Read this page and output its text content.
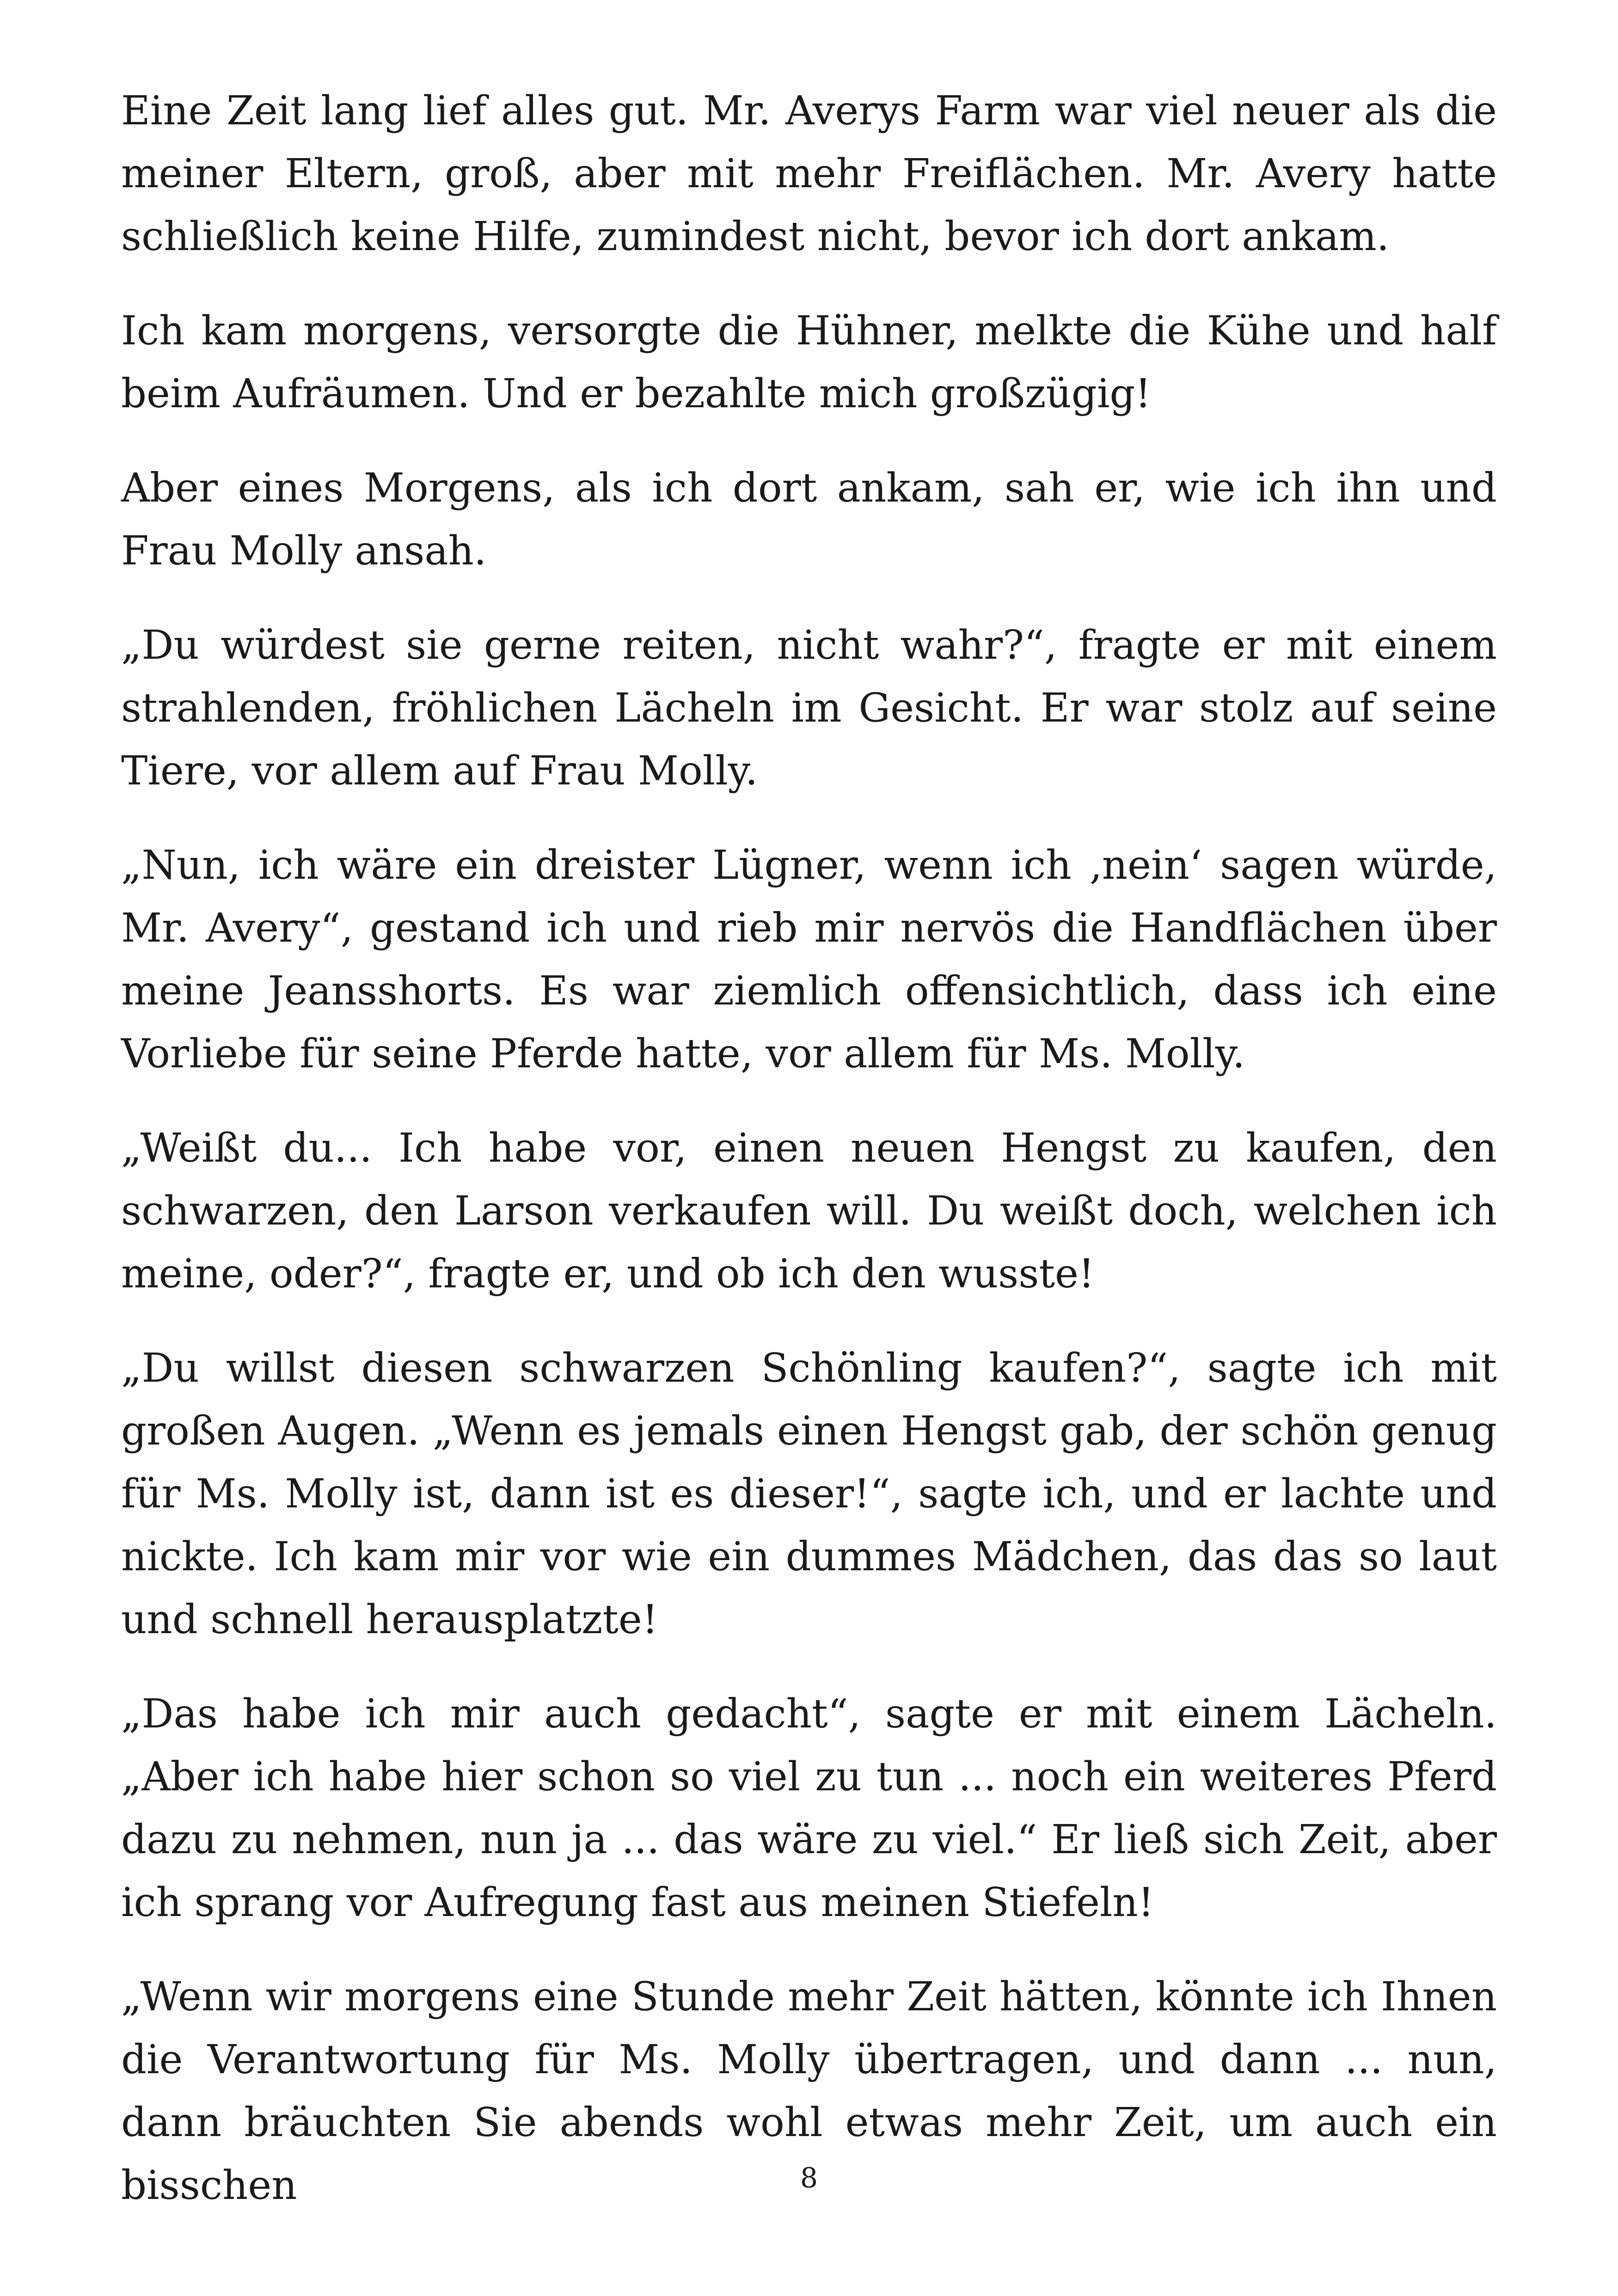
Eine Zeit lang lief alles gut. Mr. Averys Farm war viel neuer als die meiner Eltern, groß, aber mit mehr Freiflächen. Mr. Avery hatte schließlich keine Hilfe, zumindest nicht, bevor ich dort ankam.

Ich kam morgens, versorgte die Hühner, melkte die Kühe und half beim Aufräumen. Und er bezahlte mich großzügig!

Aber eines Morgens, als ich dort ankam, sah er, wie ich ihn und Frau Molly ansah.

„Du würdest sie gerne reiten, nicht wahr?“, fragte er mit einem strahlenden, fröhlichen Lächeln im Gesicht. Er war stolz auf seine Tiere, vor allem auf Frau Molly.

„Nun, ich wäre ein dreister Lügner, wenn ich ‚nein‘ sagen würde, Mr. Avery“, gestand ich und rieb mir nervös die Handflächen über meine Jeansshorts. Es war ziemlich offensichtlich, dass ich eine Vorliebe für seine Pferde hatte, vor allem für Ms. Molly.

„Weißt du... Ich habe vor, einen neuen Hengst zu kaufen, den schwarzen, den Larson verkaufen will. Du weißt doch, welchen ich meine, oder?“, fragte er, und ob ich den wusste!

„Du willst diesen schwarzen Schönling kaufen?“, sagte ich mit großen Augen. „Wenn es jemals einen Hengst gab, der schön genug für Ms. Molly ist, dann ist es dieser!“, sagte ich, und er lachte und nickte. Ich kam mir vor wie ein dummes Mädchen, das das so laut und schnell herausplatzte!

„Das habe ich mir auch gedacht“, sagte er mit einem Lächeln. „Aber ich habe hier schon so viel zu tun ... noch ein weiteres Pferd dazu zu nehmen, nun ja ... das wäre zu viel.“ Er ließ sich Zeit, aber ich sprang vor Aufregung fast aus meinen Stiefeln!

„Wenn wir morgens eine Stunde mehr Zeit hätten, könnte ich Ihnen die Verantwortung für Ms. Molly übertragen, und dann ... nun, dann bräuchten Sie abends wohl etwas mehr Zeit, um auch ein bisschen	8
